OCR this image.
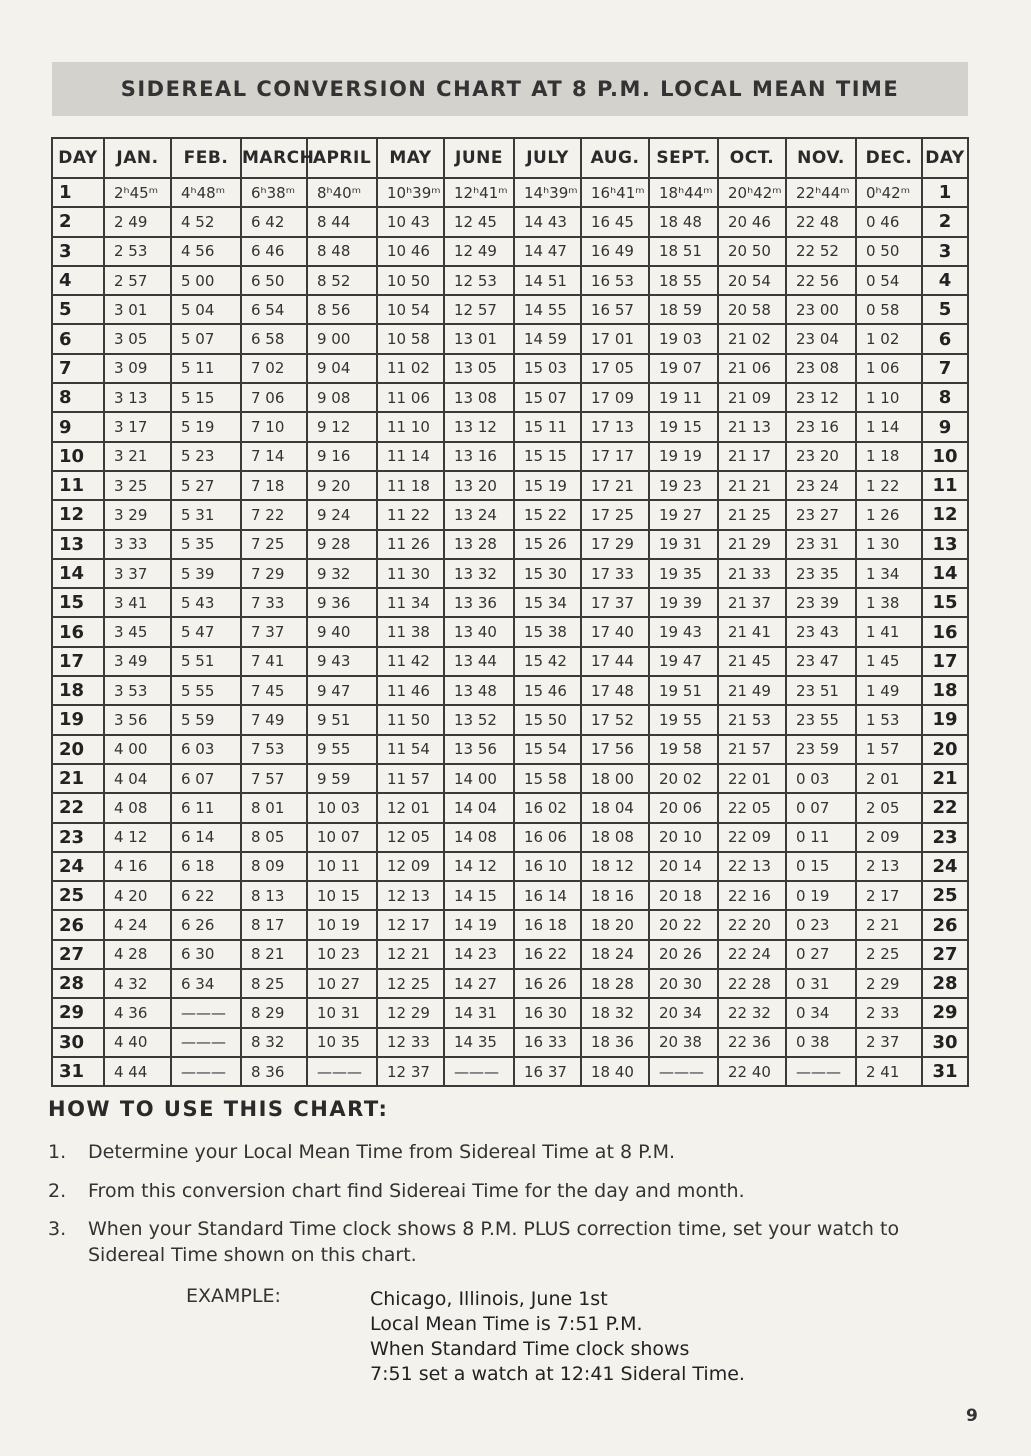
SIDEREAL CONVERSION CHART AT 8 P.M. LOCAL MEAN TIME
DAY	JAN.	FEB.	MARCH	APRIL	MAY	JUNE	JULY	AUG.	SEPT.	OCT.	NOV.	DEC.	DAY
1	2ʰ45ᵐ	4ʰ48ᵐ	6ʰ38ᵐ	8ʰ40ᵐ	10ʰ39ᵐ	12ʰ41ᵐ	14ʰ39ᵐ	16ʰ41ᵐ	18ʰ44ᵐ	20ʰ42ᵐ	22ʰ44ᵐ	0ʰ42ᵐ	1
2	2 49	4 52	6 42	8 44	10 43	12 45	14 43	16 45	18 48	20 46	22 48	0 46	2
3	2 53	4 56	6 46	8 48	10 46	12 49	14 47	16 49	18 51	20 50	22 52	0 50	3
4	2 57	5 00	6 50	8 52	10 50	12 53	14 51	16 53	18 55	20 54	22 56	0 54	4
5	3 01	5 04	6 54	8 56	10 54	12 57	14 55	16 57	18 59	20 58	23 00	0 58	5
6	3 05	5 07	6 58	9 00	10 58	13 01	14 59	17 01	19 03	21 02	23 04	1 02	6
7	3 09	5 11	7 02	9 04	11 02	13 05	15 03	17 05	19 07	21 06	23 08	1 06	7
8	3 13	5 15	7 06	9 08	11 06	13 08	15 07	17 09	19 11	21 09	23 12	1 10	8
9	3 17	5 19	7 10	9 12	11 10	13 12	15 11	17 13	19 15	21 13	23 16	1 14	9
10	3 21	5 23	7 14	9 16	11 14	13 16	15 15	17 17	19 19	21 17	23 20	1 18	10
11	3 25	5 27	7 18	9 20	11 18	13 20	15 19	17 21	19 23	21 21	23 24	1 22	11
12	3 29	5 31	7 22	9 24	11 22	13 24	15 22	17 25	19 27	21 25	23 27	1 26	12
13	3 33	5 35	7 25	9 28	11 26	13 28	15 26	17 29	19 31	21 29	23 31	1 30	13
14	3 37	5 39	7 29	9 32	11 30	13 32	15 30	17 33	19 35	21 33	23 35	1 34	14
15	3 41	5 43	7 33	9 36	11 34	13 36	15 34	17 37	19 39	21 37	23 39	1 38	15
16	3 45	5 47	7 37	9 40	11 38	13 40	15 38	17 40	19 43	21 41	23 43	1 41	16
17	3 49	5 51	7 41	9 43	11 42	13 44	15 42	17 44	19 47	21 45	23 47	1 45	17
18	3 53	5 55	7 45	9 47	11 46	13 48	15 46	17 48	19 51	21 49	23 51	1 49	18
19	3 56	5 59	7 49	9 51	11 50	13 52	15 50	17 52	19 55	21 53	23 55	1 53	19
20	4 00	6 03	7 53	9 55	11 54	13 56	15 54	17 56	19 58	21 57	23 59	1 57	20
21	4 04	6 07	7 57	9 59	11 57	14 00	15 58	18 00	20 02	22 01	0 03	2 01	21
22	4 08	6 11	8 01	10 03	12 01	14 04	16 02	18 04	20 06	22 05	0 07	2 05	22
23	4 12	6 14	8 05	10 07	12 05	14 08	16 06	18 08	20 10	22 09	0 11	2 09	23
24	4 16	6 18	8 09	10 11	12 09	14 12	16 10	18 12	20 14	22 13	0 15	2 13	24
25	4 20	6 22	8 13	10 15	12 13	14 15	16 14	18 16	20 18	22 16	0 19	2 17	25
26	4 24	6 26	8 17	10 19	12 17	14 19	16 18	18 20	20 22	22 20	0 23	2 21	26
27	4 28	6 30	8 21	10 23	12 21	14 23	16 22	18 24	20 26	22 24	0 27	2 25	27
28	4 32	6 34	8 25	10 27	12 25	14 27	16 26	18 28	20 30	22 28	0 31	2 29	28
29	4 36	———	8 29	10 31	12 29	14 31	16 30	18 32	20 34	22 32	0 34	2 33	29
30	4 40	———	8 32	10 35	12 33	14 35	16 33	18 36	20 38	22 36	0 38	2 37	30
31	4 44	———	8 36	———	12 37	———	16 37	18 40	———	22 40	———	2 41	31
HOW TO USE THIS CHART:
1. Determine your Local Mean Time from Sidereal Time at 8 P.M.
2. From this conversion chart find Sidereai Time for the day and month.
3. When your Standard Time clock shows 8 P.M. PLUS correction time, set your watch to Sidereal Time shown on this chart.
EXAMPLE:	Chicago, Illinois, June 1st
Local Mean Time is 7:51 P.M.
When Standard Time clock shows
7:51 set a watch at 12:41 Sideral Time.
9
